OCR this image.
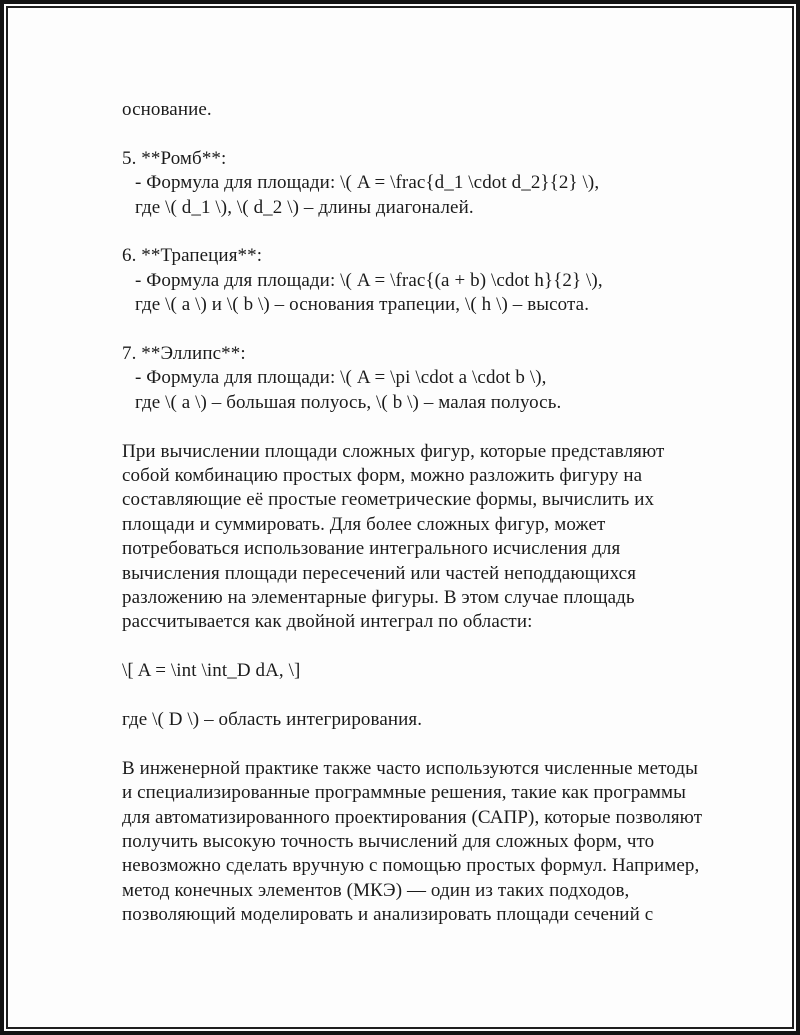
основание.
5. **Ромб**:
- Формула для площади: \( A = \frac{d_1 \cdot d_2}{2} \),
где \( d_1 \), \( d_2 \) – длины диагоналей.
6. **Трапеция**:
- Формула для площади: \( A = \frac{(a + b) \cdot h}{2} \),
где \( a \) и \( b \) – основания трапеции, \( h \) – высота.
7. **Эллипс**:
- Формула для площади: \( A = \pi \cdot a \cdot b \),
где \( a \) – большая полуось, \( b \) – малая полуось.
При вычислении площади сложных фигур, которые представляют
собой комбинацию простых форм, можно разложить фигуру на
составляющие её простые геометрические формы, вычислить их
площади и суммировать. Для более сложных фигур, может
потребоваться использование интегрального исчисления для
вычисления площади пересечений или частей неподдающихся
разложению на элементарные фигуры. В этом случае площадь
рассчитывается как двойной интеграл по области:
\[ A = \int \int_D dA, \]
где \( D \) – область интегрирования.
В инженерной практике также часто используются численные методы
и специализированные программные решения, такие как программы
для автоматизированного проектирования (САПР), которые позволяют
получить высокую точность вычислений для сложных форм, что
невозможно сделать вручную с помощью простых формул. Например,
метод конечных элементов (МКЭ) — один из таких подходов,
позволяющий моделировать и анализировать площади сечений с
